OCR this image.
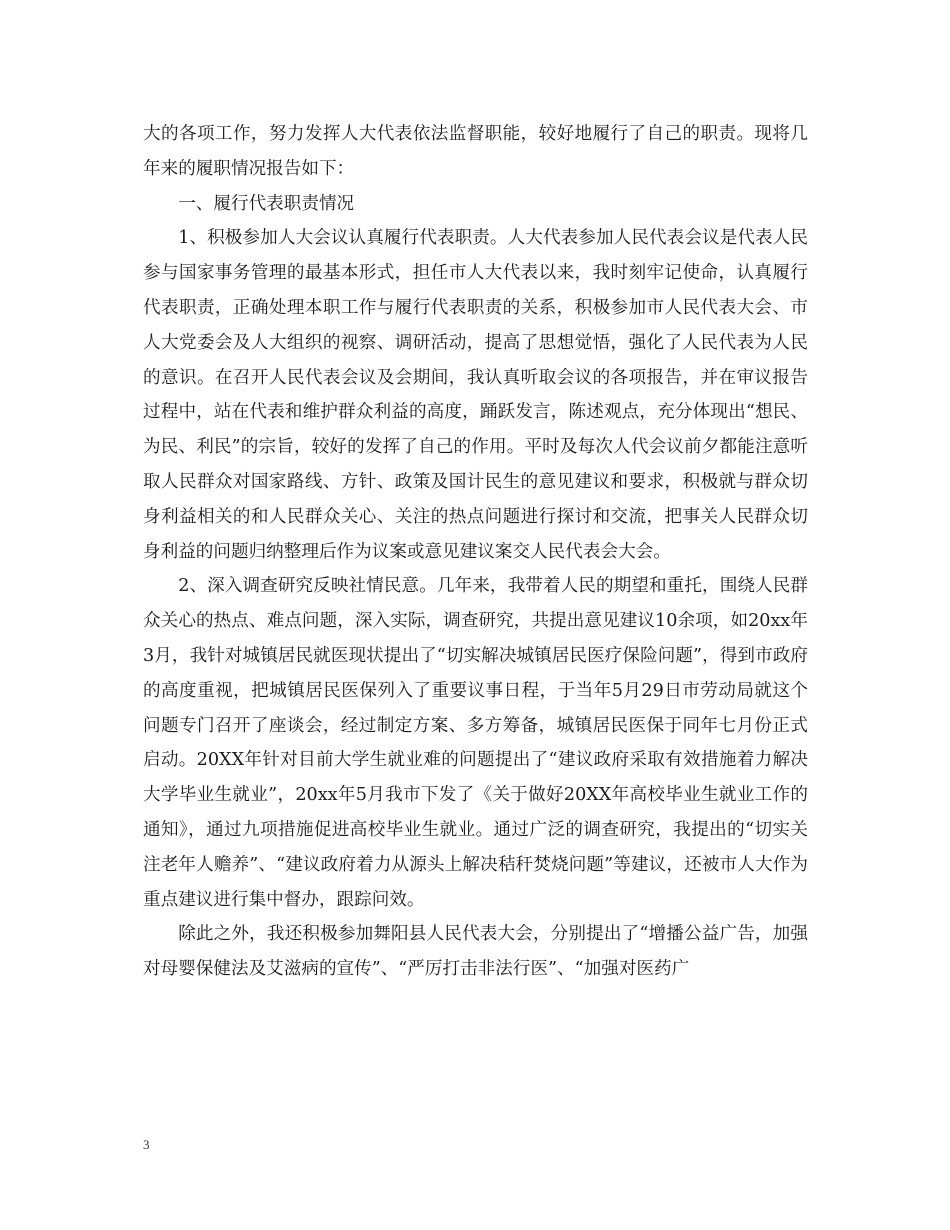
大的各项工作，努力发挥人大代表依法监督职能，较好地履行了自己的职责。现将几年来的履职情况报告如下：

一、履行代表职责情况

1、积极参加人大会议认真履行代表职责。人大代表参加人民代表会议是代表人民参与国家事务管理的最基本形式，担任市人大代表以来，我时刻牢记使命，认真履行代表职责，正确处理本职工作与履行代表职责的关系，积极参加市人民代表大会、市人大党委会及人大组织的视察、调研活动，提高了思想觉悟，强化了人民代表为人民的意识。在召开人民代表会议及会期间，我认真听取会议的各项报告，并在审议报告过程中，站在代表和维护群众利益的高度，踊跃发言，陈述观点，充分体现出“想民、为民、利民”的宗旨，较好的发挥了自己的作用。平时及每次人代会议前夕都能注意听取人民群众对国家路线、方针、政策及国计民生的意见建议和要求，积极就与群众切身利益相关的和人民群众关心、关注的热点问题进行探讨和交流，把事关人民群众切身利益的问题归纳整理后作为议案或意见建议案交人民代表会大会。

2、深入调查研究反映社情民意。几年来，我带着人民的期望和重托，围绕人民群众关心的热点、难点问题，深入实际，调查研究，共提出意见建议10余项，如20xx年3月，我针对城镇居民就医现状提出了“切实解决城镇居民医疗保险问题”，得到市政府的高度重视，把城镇居民医保列入了重要议事日程，于当年5月29日市劳动局就这个问题专门召开了座谈会，经过制定方案、多方筹备，城镇居民医保于同年七月份正式启动。20XX年针对目前大学生就业难的问题提出了“建议政府采取有效措施着力解决大学毕业生就业”，20xx年5月我市下发了《关于做好20XX年高校毕业生就业工作的通知》，通过九项措施促进高校毕业生就业。通过广泛的调查研究，我提出的“切实关注老年人赡养”、“建议政府着力从源头上解决秸秆焚烧问题”等建议，还被市人大作为重点建议进行集中督办，跟踪问效。

除此之外，我还积极参加舞阳县人民代表大会，分别提出了“增播公益广告，加强对母婴保健法及艾滋病的宣传”、“严厉打击非法行医”、“加强对医药广

3
